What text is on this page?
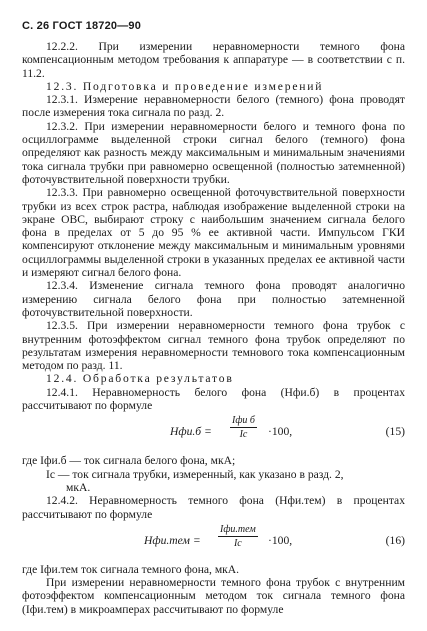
С. 26 ГОСТ 18720—90

12.2.2. При измерении неравномерности темного фона компенсационным методом требования к аппаратуре — в соответствии с п. 11.2.

12.3. Подготовка и проведение измерений

12.3.1. Измерение неравномерности белого (темного) фона проводят после измерения тока сигнала по разд. 2.

12.3.2. При измерении неравномерности белого и темного фона по осциллограмме выделенной строки сигнал белого (темного) фона определяют как разность между максимальным и минимальным значениями тока сигнала трубки при равномерно освещенной (полностью затемненной) фоточувствительной поверхности трубки.

12.3.3. При равномерно освещенной фоточувствительной поверхности трубки из всех строк растра, наблюдая изображение выделенной строки на экране ОВС, выбирают строку с наибольшим значением сигнала белого фона в пределах от 5 до 95 % ее активной части. Импульсом ГКИ компенсируют отклонение между максимальным и минимальным уровнями осциллограммы выделенной строки в указанных пределах ее активной части и измеряют сигнал белого фона.

12.3.4. Изменение сигнала темного фона проводят аналогично измерению сигнала белого фона при полностью затемненной фоточувствительной поверхности.

12.3.5. При измерении неравномерности темного фона трубок с внутренним фотоэффектом сигнал темного фона трубок определяют по результатам измерения неравномерности темнового тока компенсационным методом по разд. 11.

12.4. Обработка результатов

12.4.1. Неравномерность белого фона (Hфи.б) в процентах рассчитывают по формуле

Hфи.б =
Iфи б
Iс	·100,	(15)
где Iфи.б — ток сигнала белого фона, мкА;
Iс — ток сигнала трубки, измеренный, как указано в разд. 2,
мкА.

12.4.2. Неравномерность темного фона (Hфи.тем) в процентах рассчитывают по формуле

Hфи.тем =
Iфи.тем
Iс	·100,	(16)
где Iфи.тем ток сигнала темного фона, мкА.

При измерении неравномерности темного фона трубок с внутренним фотоэффектом компенсационным методом ток сигнала темного фона (Iфи.тем) в микроамперах рассчитывают по формуле
